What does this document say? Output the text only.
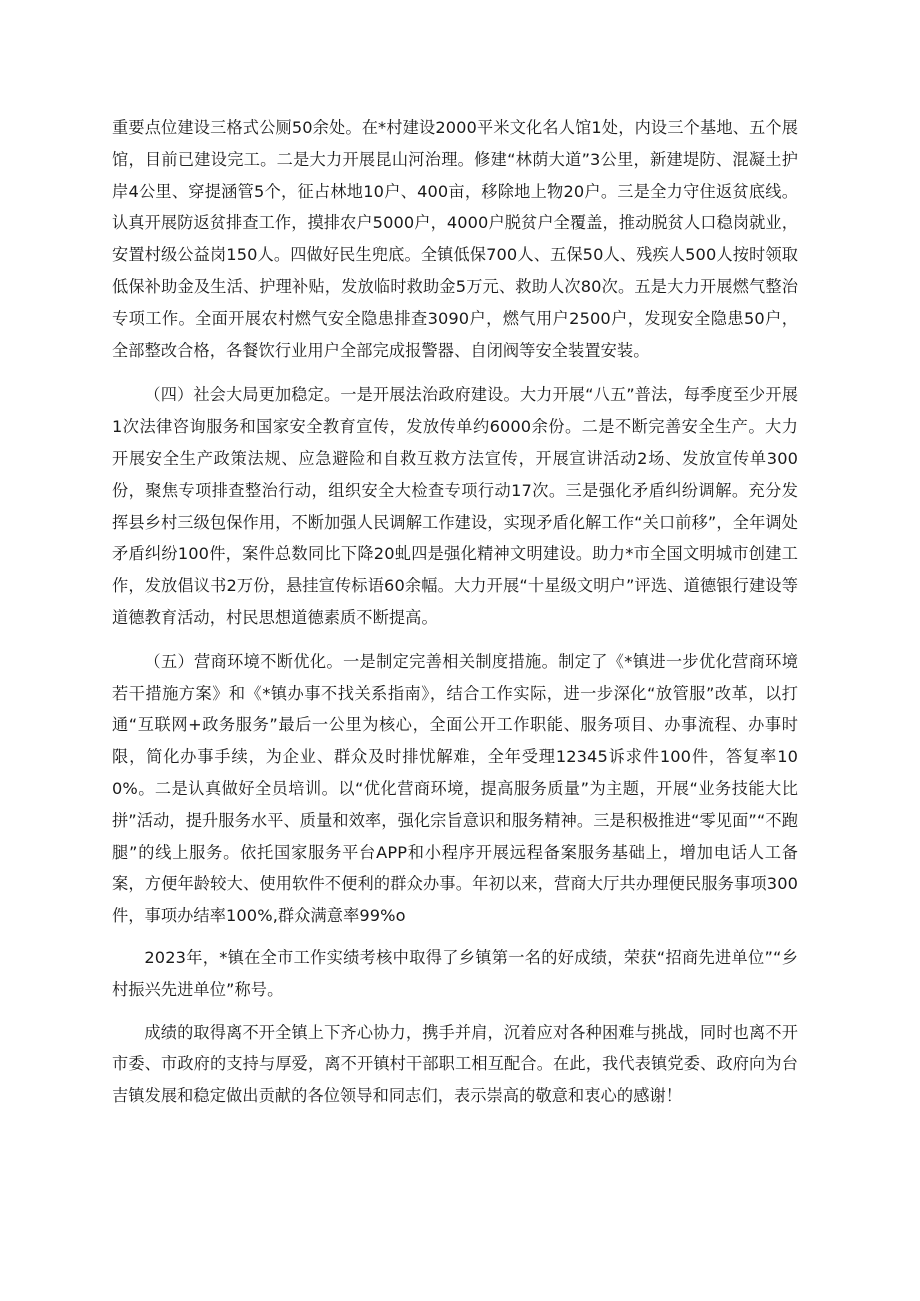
重要点位建设三格式公厕50余处。在*村建设2000平米文化名人馆1处，内设三个基地、五个展馆，目前已建设完工。二是大力开展昆山河治理。修建“林荫大道”3公里，新建堤防、混凝土护岸4公里、穿提涵管5个，征占林地10户、400亩，移除地上物20户。三是全力守住返贫底线。认真开展防返贫排查工作，摸排农户5000户，4000户脱贫户全覆盖，推动脱贫人口稳岗就业，安置村级公益岗150人。四做好民生兜底。全镇低保700人、五保50人、残疾人500人按时领取低保补助金及生活、护理补贴，发放临时救助金5万元、救助人次80次。五是大力开展燃气整治专项工作。全面开展农村燃气安全隐患排查3090户，燃气用户2500户，发现安全隐患50户，全部整改合格，各餐饮行业用户全部完成报警器、自闭阀等安全装置安装。

（四）社会大局更加稳定。一是开展法治政府建设。大力开展“八五”普法，每季度至少开展1次法律咨询服务和国家安全教育宣传，发放传单约6000余份。二是不断完善安全生产。大力开展安全生产政策法规、应急避险和自救互救方法宣传，开展宣讲活动2场、发放宣传单300份，聚焦专项排查整治行动，组织安全大检查专项行动17次。三是强化矛盾纠纷调解。充分发挥县乡村三级包保作用，不断加强人民调解工作建设，实现矛盾化解工作“关口前移”，全年调处矛盾纠纷100件，案件总数同比下降20虬四是强化精神文明建设。助力*市全国文明城市创建工作，发放倡议书2万份，悬挂宣传标语60余幅。大力开展“十星级文明户”评选、道德银行建设等道德教育活动，村民思想道德素质不断提高。

（五）营商环境不断优化。一是制定完善相关制度措施。制定了《*镇进一步优化营商环境若干措施方案》和《*镇办事不找关系指南》，结合工作实际，进一步深化“放管服”改革，以打通“互联网+政务服务”最后一公里为核心，全面公开工作职能、服务项目、办事流程、办事时限，简化办事手续，为企业、群众及时排忧解难，全年受理12345诉求件100件，答复率100%。二是认真做好全员培训。以“优化营商环境，提高服务质量”为主题，开展“业务技能大比拼”活动，提升服务水平、质量和效率，强化宗旨意识和服务精神。三是积极推进“零见面”“不跑腿”的线上服务。依托国家服务平台APP和小程序开展远程备案服务基础上，增加电话人工备案，方便年龄较大、使用软件不便利的群众办事。年初以来，营商大厅共办理便民服务事项300件，事项办结率100%,群众满意率99%o

2023年，*镇在全市工作实绩考核中取得了乡镇第一名的好成绩，荣获“招商先进单位”“乡村振兴先进单位”称号。

成绩的取得离不开全镇上下齐心协力，携手并肩，沉着应对各种困难与挑战，同时也离不开市委、市政府的支持与厚爱，离不开镇村干部职工相互配合。在此，我代表镇党委、政府向为台吉镇发展和稳定做出贡献的各位领导和同志们，表示崇高的敬意和衷心的感谢！
